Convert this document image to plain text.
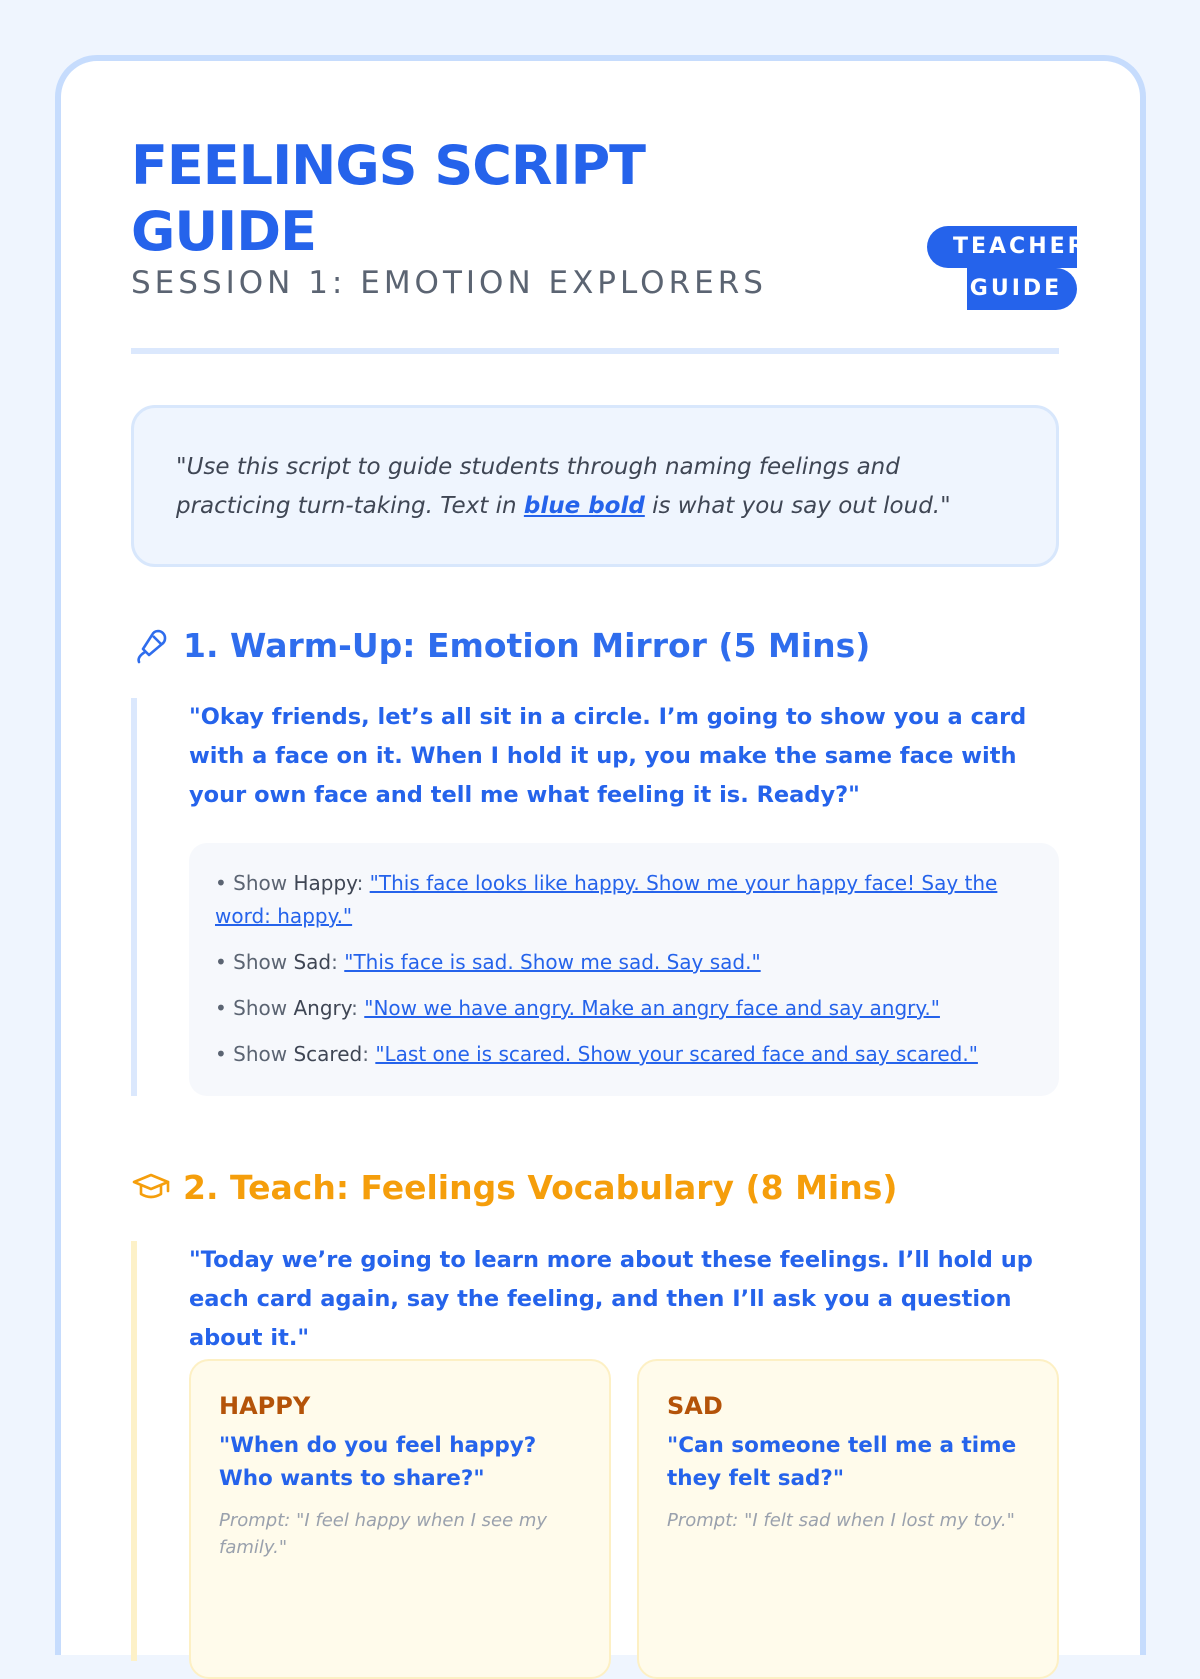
FEELINGS SCRIPT GUIDE
SESSION 1: EMOTION EXPLORERS
TEACHER
GUIDE
"Use this script to guide students through naming feelings and practicing turn-taking. Text in blue bold is what you say out loud."
1. Warm-Up: Emotion Mirror (5 Mins)
"Okay friends, let’s all sit in a circle. I’m going to show you a card with a face on it. When I hold it up, you make the same face with your own face and tell me what feeling it is. Ready?"
• Show Happy: "This face looks like happy. Show me your happy face! Say the word: happy."
• Show Sad: "This face is sad. Show me sad. Say sad."
• Show Angry: "Now we have angry. Make an angry face and say angry."
• Show Scared: "Last one is scared. Show your scared face and say scared."
2. Teach: Feelings Vocabulary (8 Mins)
"Today we’re going to learn more about these feelings. I’ll hold up each card again, say the feeling, and then I’ll ask you a question about it."
HAPPY
"When do you feel happy? Who wants to share?"
Prompt: "I feel happy when I see my family."
SAD
"Can someone tell me a time they felt sad?"
Prompt: "I felt sad when I lost my toy."
